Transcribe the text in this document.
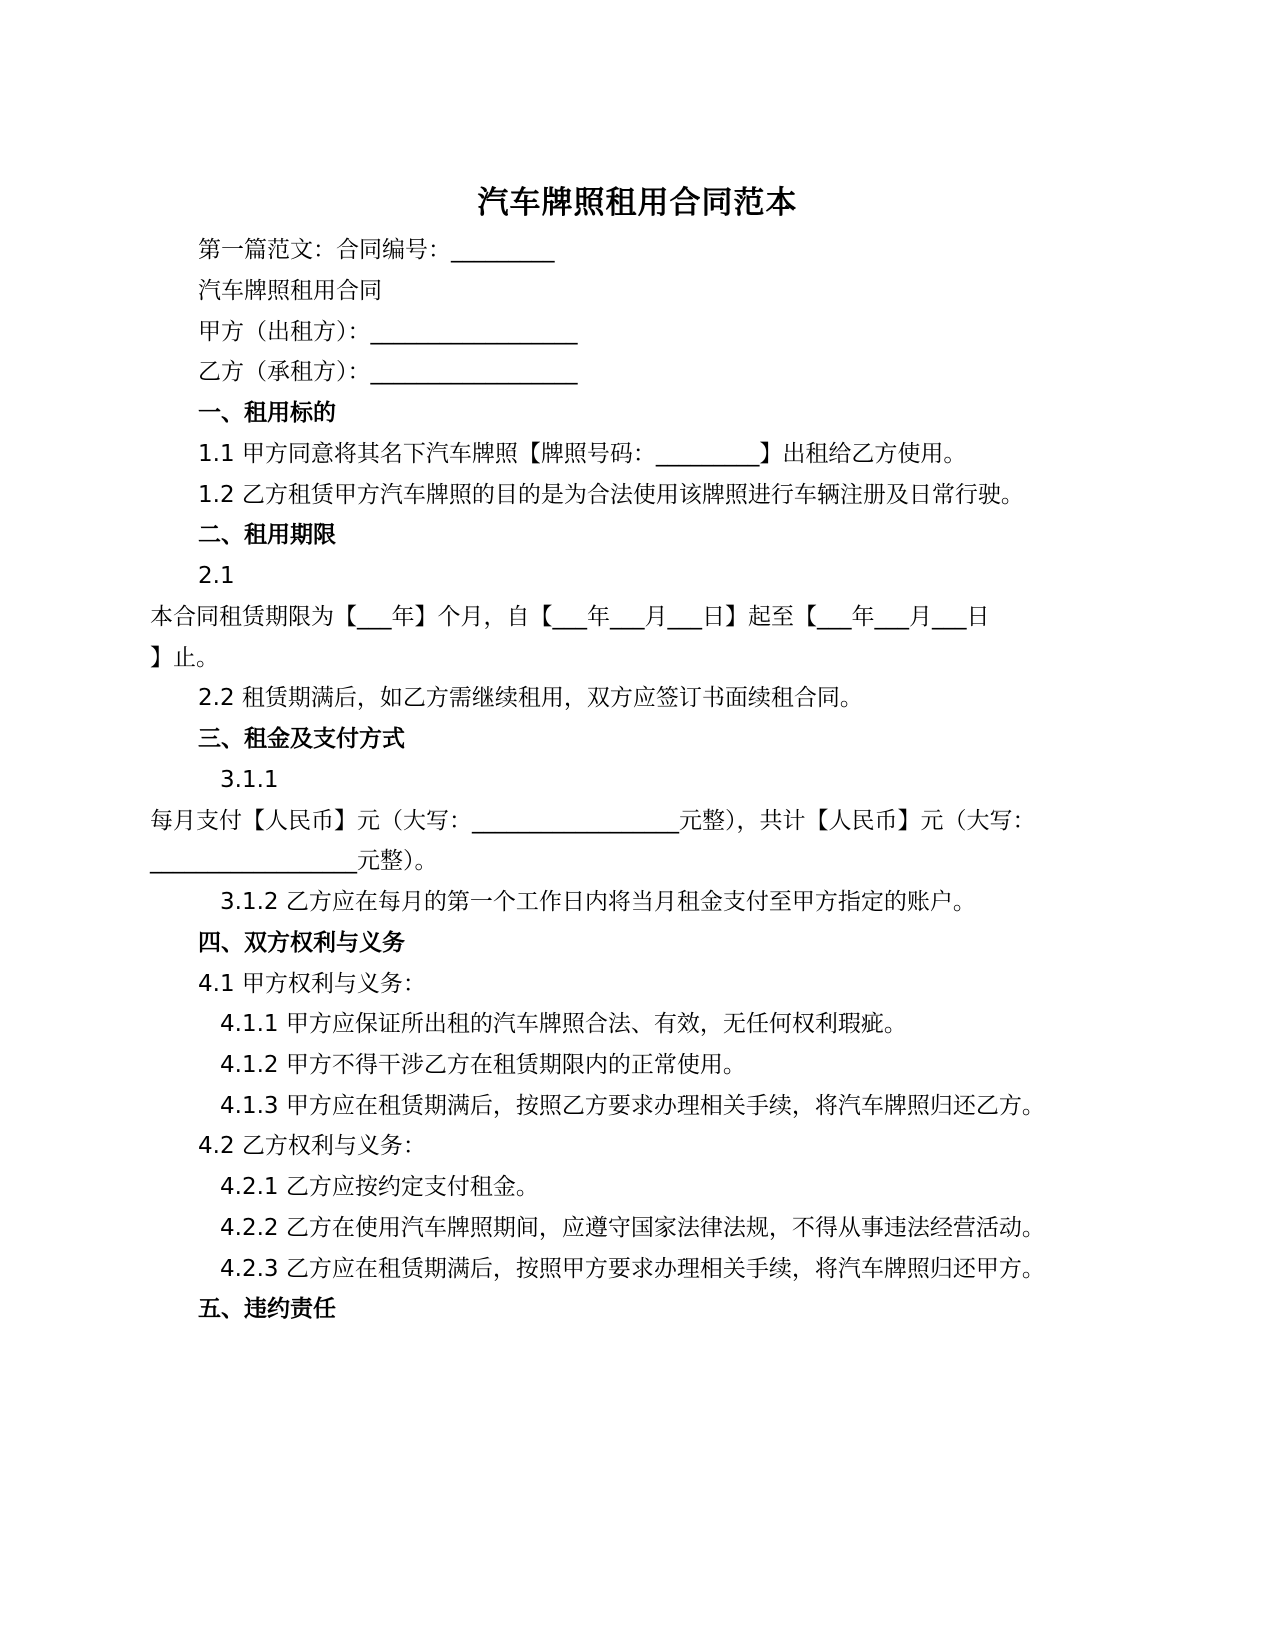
汽车牌照租用合同范本
第一篇范文：合同编号：_________
汽车牌照租用合同
甲方（出租方）：__________________
乙方（承租方）：__________________
一、租用标的
1.1 甲方同意将其名下汽车牌照【牌照号码：_________】出租给乙方使用。
1.2 乙方租赁甲方汽车牌照的目的是为合法使用该牌照进行车辆注册及日常行驶。
二、租用期限
2.1
本合同租赁期限为【___年】个月，自【___年___月___日】起至【___年___月___日
】止。
2.2 租赁期满后，如乙方需继续租用，双方应签订书面续租合同。
三、租金及支付方式
3.1.1
每月支付【人民币】元（大写：__________________元整），共计【人民币】元（大写：
__________________元整）。
3.1.2 乙方应在每月的第一个工作日内将当月租金支付至甲方指定的账户。
四、双方权利与义务
4.1 甲方权利与义务：
4.1.1 甲方应保证所出租的汽车牌照合法、有效，无任何权利瑕疵。
4.1.2 甲方不得干涉乙方在租赁期限内的正常使用。
4.1.3 甲方应在租赁期满后，按照乙方要求办理相关手续，将汽车牌照归还乙方。
4.2 乙方权利与义务：
4.2.1 乙方应按约定支付租金。
4.2.2 乙方在使用汽车牌照期间，应遵守国家法律法规，不得从事违法经营活动。
4.2.3 乙方应在租赁期满后，按照甲方要求办理相关手续，将汽车牌照归还甲方。
五、违约责任
